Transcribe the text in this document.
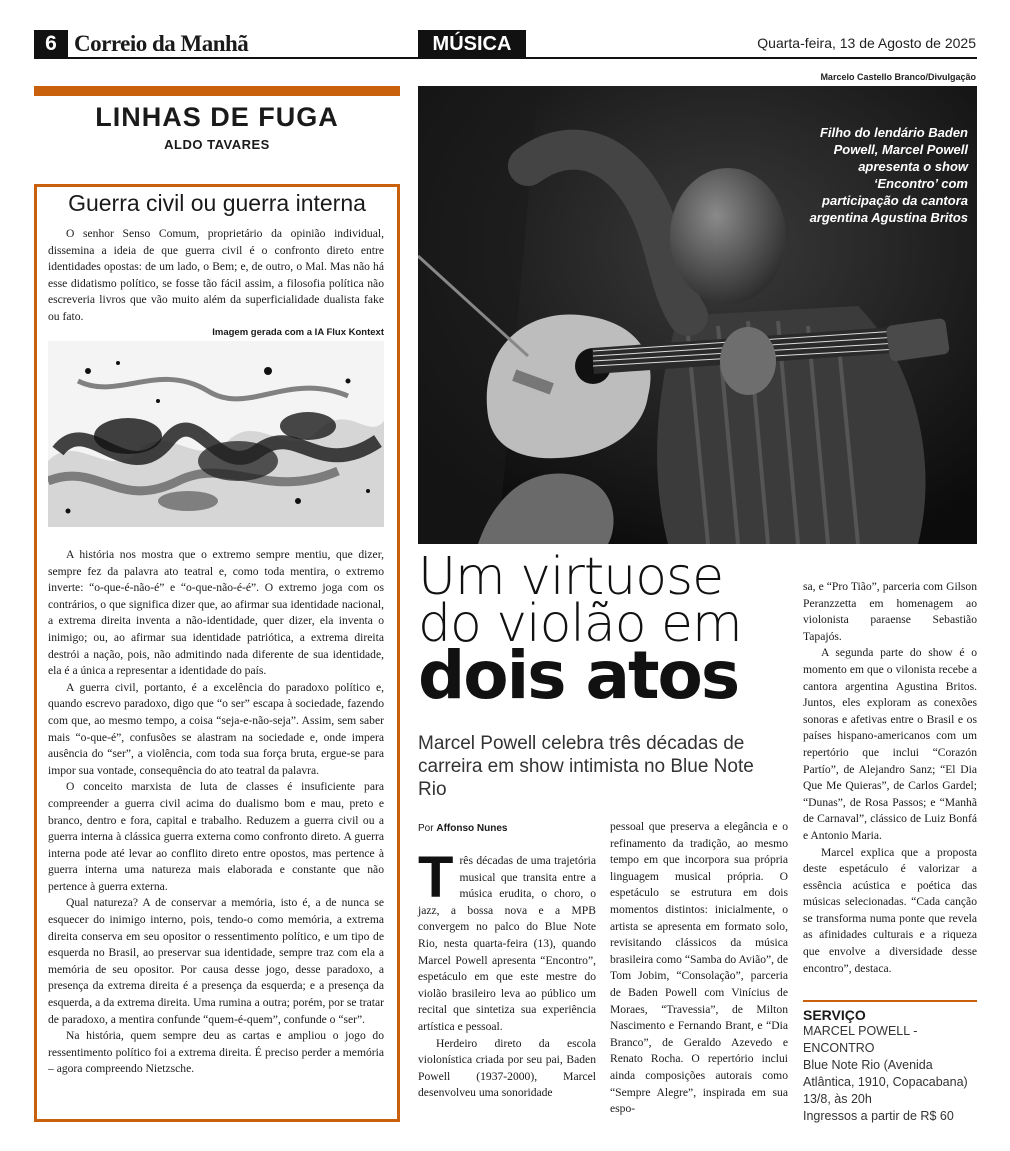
6 Correio da Manhã	MÚSICA	Quarta-feira, 13 de Agosto de 2025
LINHAS DE FUGA
ALDO TAVARES
Guerra civil ou guerra interna

O senhor Senso Comum, proprietário da opinião individual, dissemina a ideia de que guerra civil é o confronto direto entre identidades opostas: de um lado, o Bem; e, de outro, o Mal. Mas não há esse didatismo político, se fosse tão fácil assim, a filosofia política não escreveria livros que vão muito além da superficialidade dualista fake ou fato.

Imagem gerada com a IA Flux Kontext

A história nos mostra que o extremo sempre mentiu, que dizer, sempre fez da palavra ato teatral e, como toda mentira, o extremo inverte: “o-que-é-não-é” e “o-que-não-é-é”. O extremo joga com os contrários, o que significa dizer que, ao afirmar sua identidade nacional, a extrema direita inventa a não-identidade, quer dizer, ela inventa o inimigo; ou, ao afirmar sua identidade patriótica, a extrema direita destrói a nação, pois, não admitindo nada diferente de sua identidade, ela é a única a representar a identidade do país.

A guerra civil, portanto, é a excelência do paradoxo político e, quando escrevo paradoxo, digo que “o ser” escapa à sociedade, fazendo com que, ao mesmo tempo, a coisa “seja-e-não-seja”. Assim, sem saber mais “o-que-é”, confusões se alastram na sociedade e, onde impera ausência do “ser”, a violência, com toda sua força bruta, ergue-se para impor sua vontade, consequência do ato teatral da palavra.

O conceito marxista de luta de classes é insuficiente para compreender a guerra civil acima do dualismo bom e mau, preto e branco, dentro e fora, capital e trabalho. Reduzem a guerra civil ou a guerra interna à clássica guerra externa como confronto direto. A guerra interna pode até levar ao conflito direto entre opostos, mas pertence à guerra interna uma natureza mais elaborada e constante que não pertence à guerra externa.

Qual natureza? A de conservar a memória, isto é, a de nunca se esquecer do inimigo interno, pois, tendo-o como memória, a extrema direita conserva em seu opositor o ressentimento político, e um tipo de esquerda no Brasil, ao preservar sua identidade, sempre traz com ela a memória de seu opositor. Por causa desse jogo, desse paradoxo, a presença da extrema direita é a presença da esquerda; e a presença da esquerda, a da extrema direita. Uma rumina a outra; porém, por se tratar de paradoxo, a mentira confunde “quem-é-quem”, confunde o “ser”.

Na história, quem sempre deu as cartas e ampliou o jogo do ressentimento político foi a extrema direita. É preciso perder a memória – agora compreendo Nietzsche.

Marcelo Castello Branco/Divulgação
Filho do lendário Baden Powell, Marcel Powell apresenta o show ‘Encontro’ com participação da cantora argentina Agustina Britos
Um virtuose
do violão em
dois atos
Marcel Powell celebra três décadas de carreira em show intimista no Blue Note Rio
Por Affonso Nunes

Três décadas de uma trajetória musical que transita entre a música erudita, o choro, o jazz, a bossa nova e a MPB convergem no palco do Blue Note Rio, nesta quarta-feira (13), quando Marcel Powell apresenta “Encontro”, espetáculo em que este mestre do violão brasileiro leva ao público um recital que sintetiza sua experiência artística e pessoal.

Herdeiro direto da escola violonística criada por seu pai, Baden Powell (1937-2000), Marcel desenvolveu uma sonoridade

pessoal que preserva a elegância e o refinamento da tradição, ao mesmo tempo em que incorpora sua própria linguagem musical própria. O espetáculo se estrutura em dois momentos distintos: inicialmente, o artista se apresenta em formato solo, revisitando clássicos da música brasileira como “Samba do Avião”, de Tom Jobim, “Consolação”, parceria de Baden Powell com Vinícius de Moraes, “Travessia”, de Milton Nascimento e Fernando Brant, e “Dia Branco”, de Geraldo Azevedo e Renato Rocha. O repertório inclui ainda composições autorais como “Sempre Alegre”, inspirada em sua espo-

sa, e “Pro Tião”, parceria com Gilson Peranzzetta em homenagem ao violonista paraense Sebastião Tapajós.

A segunda parte do show é o momento em que o vilonista recebe a cantora argentina Agustina Britos. Juntos, eles exploram as conexões sonoras e afetivas entre o Brasil e os países hispano-americanos com um repertório que inclui “Corazón Partío”, de Alejandro Sanz; “El Dia Que Me Quieras”, de Carlos Gardel; “Dunas”, de Rosa Passos; e “Manhã de Carnaval”, clássico de Luiz Bonfá e Antonio Maria.

Marcel explica que a proposta deste espetáculo é valorizar a essência acústica e poética das músicas selecionadas. “Cada canção se transforma numa ponte que revela as afinidades culturais e a riqueza que envolve a diversidade desse encontro”, destaca.

SERVIÇO
MARCEL POWELL - ENCONTRO
Blue Note Rio (Avenida Atlântica, 1910, Copacabana)
13/8, às 20h
Ingressos a partir de R$ 60
